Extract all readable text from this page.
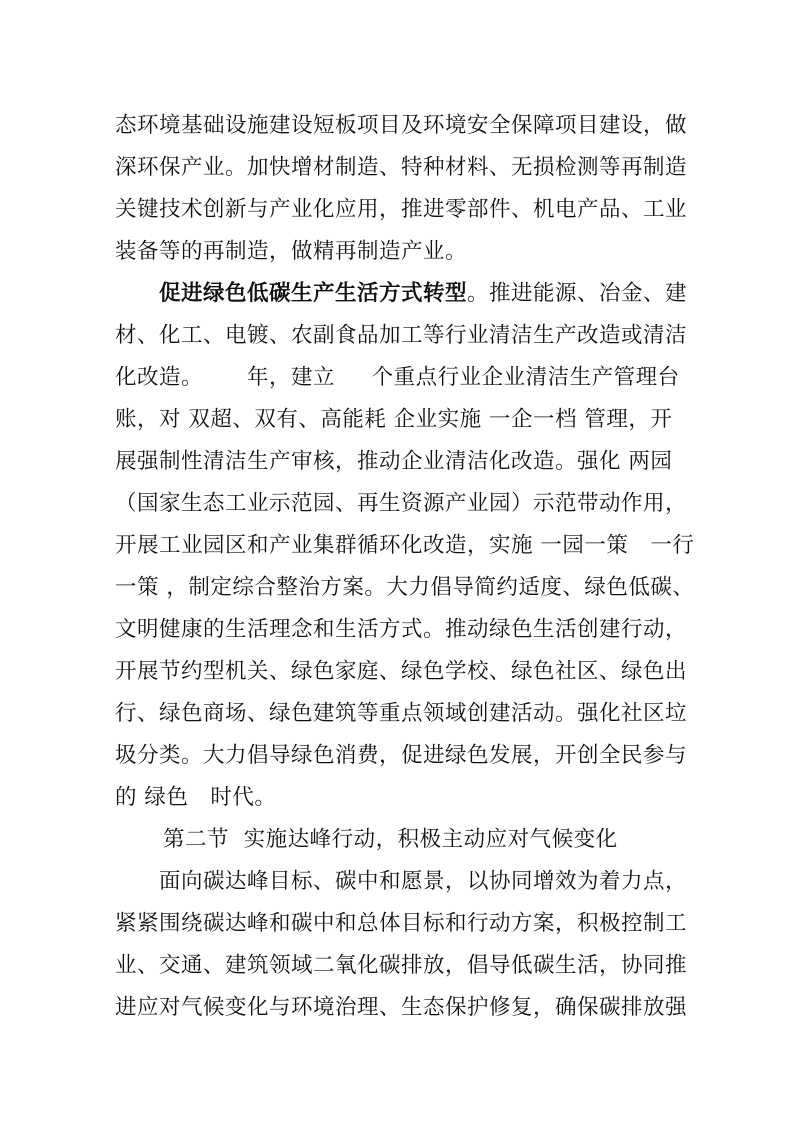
态环境基础设施建设短板项目及环境安全保障项目建设，做
深环保产业。加快增材制造、特种材料、无损检测等再制造
关键技术创新与产业化应用，推进零部件、机电产品、工业
装备等的再制造，做精再制造产业。
促进绿色低碳生产生活方式转型。推进能源、冶金、建
材、化工、电镀、农副食品加工等行业清洁生产改造或清洁
化改造。      年，建立     个重点行业企业清洁生产管理台
账，对 双超、双有、高能耗 企业实施 一企一档 管理，开
展强制性清洁生产审核，推动企业清洁化改造。强化 两园
（国家生态工业示范园、再生资源产业园）示范带动作用，
开展工业园区和产业集群循环化改造，实施 一园一策   一行
一策 ，制定综合整治方案。大力倡导简约适度、绿色低碳、
文明健康的生活理念和生活方式。推动绿色生活创建行动，
开展节约型机关、绿色家庭、绿色学校、绿色社区、绿色出
行、绿色商场、绿色建筑等重点领域创建活动。强化社区垃
圾分类。大力倡导绿色消费，促进绿色发展，开创全民参与
的 绿色   时代。
第二节  实施达峰行动，积极主动应对气候变化
面向碳达峰目标、碳中和愿景，以协同增效为着力点，
紧紧围绕碳达峰和碳中和总体目标和行动方案，积极控制工
业、交通、建筑领域二氧化碳排放，倡导低碳生活，协同推
进应对气候变化与环境治理、生态保护修复，确保碳排放强
